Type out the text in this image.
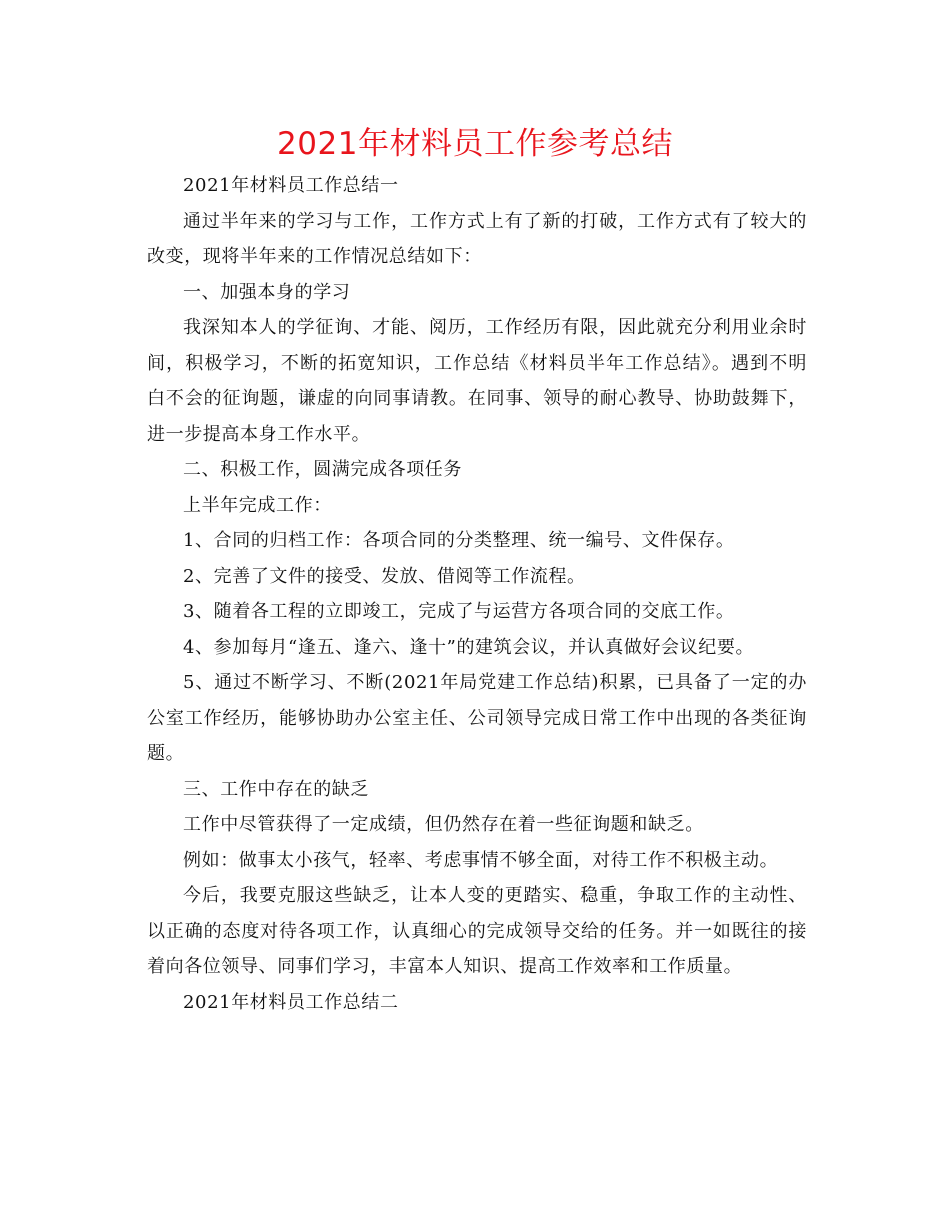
2021年材料员工作参考总结

2021年材料员工作总结一

通过半年来的学习与工作，工作方式上有了新的打破，工作方式有了较大的改变，现将半年来的工作情况总结如下：

一、加强本身的学习

我深知本人的学征询、才能、阅历，工作经历有限，因此就充分利用业余时间，积极学习，不断的拓宽知识，工作总结《材料员半年工作总结》。遇到不明白不会的征询题，谦虚的向同事请教。在同事、领导的耐心教导、协助鼓舞下，进一步提高本身工作水平。

二、积极工作，圆满完成各项任务

上半年完成工作：

1、合同的归档工作：各项合同的分类整理、统一编号、文件保存。

2、完善了文件的接受、发放、借阅等工作流程。

3、随着各工程的立即竣工，完成了与运营方各项合同的交底工作。

4、参加每月“逢五、逢六、逢十”的建筑会议，并认真做好会议纪要。

5、通过不断学习、不断(2021年局党建工作总结)积累，已具备了一定的办公室工作经历，能够协助办公室主任、公司领导完成日常工作中出现的各类征询题。

三、工作中存在的缺乏

工作中尽管获得了一定成绩，但仍然存在着一些征询题和缺乏。

例如：做事太小孩气，轻率、考虑事情不够全面，对待工作不积极主动。

今后，我要克服这些缺乏，让本人变的更踏实、稳重，争取工作的主动性、以正确的态度对待各项工作，认真细心的完成领导交给的任务。并一如既往的接着向各位领导、同事们学习，丰富本人知识、提高工作效率和工作质量。

2021年材料员工作总结二
